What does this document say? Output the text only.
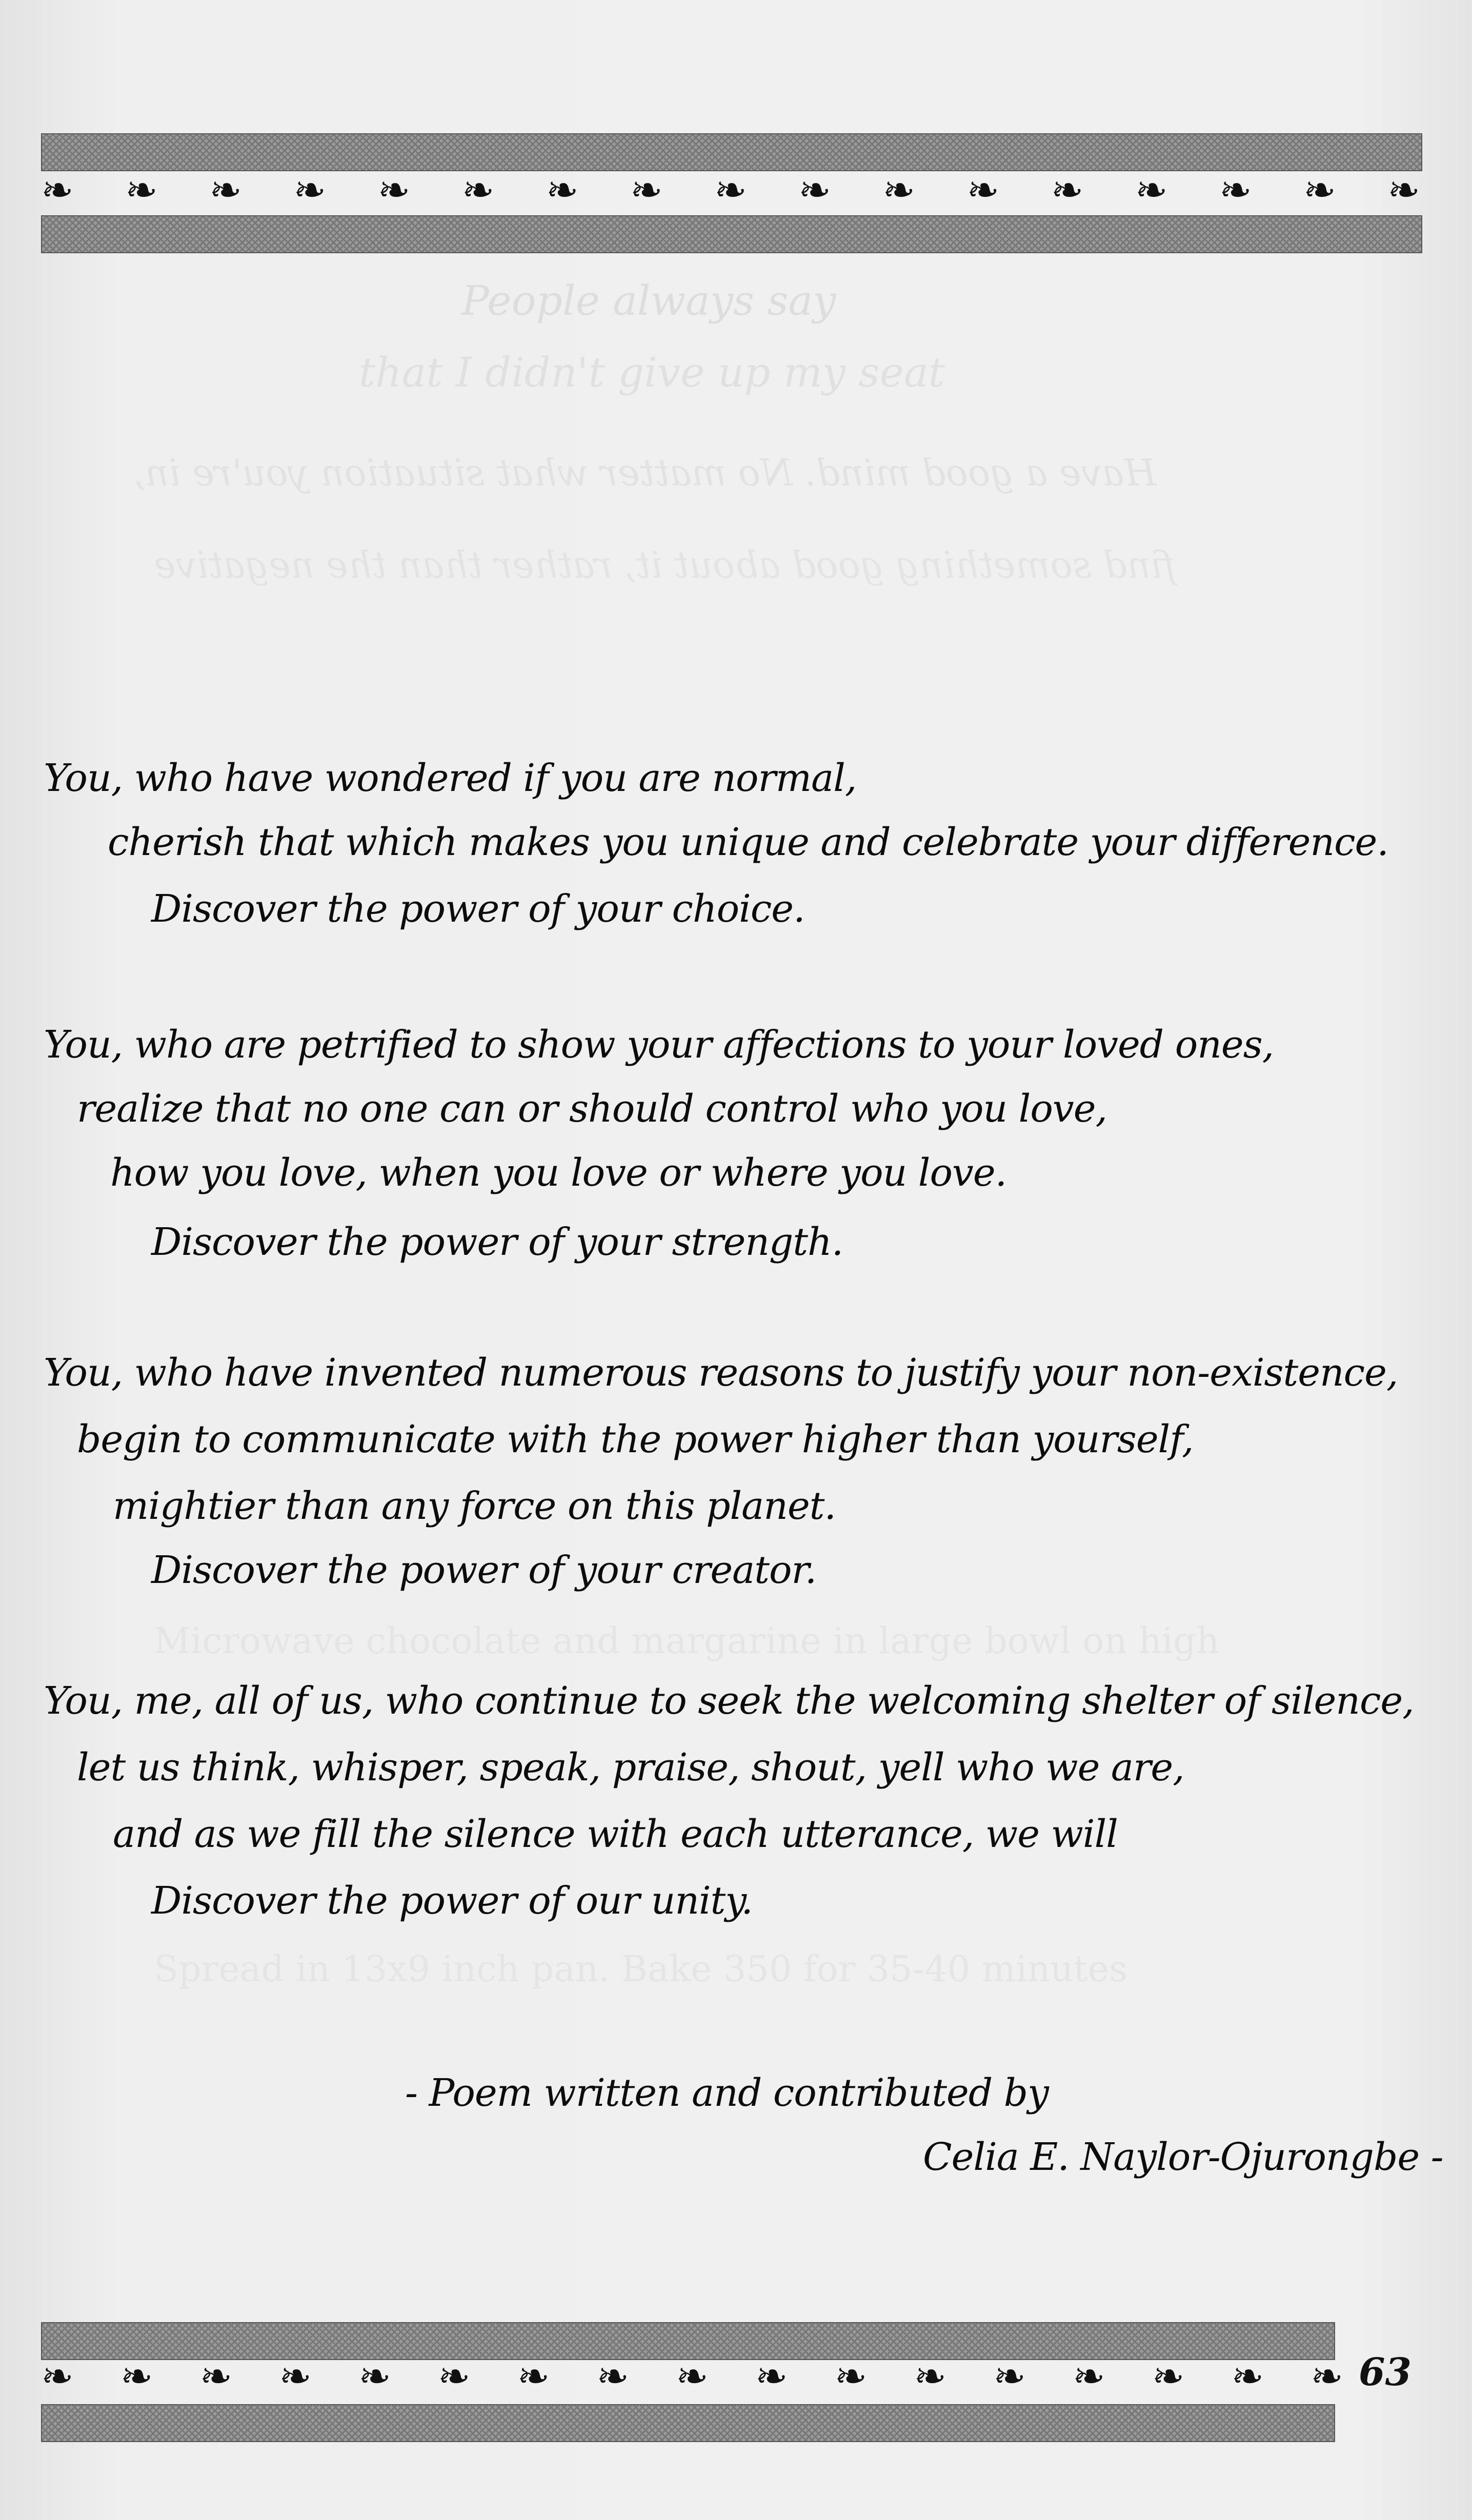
People always say
that I didn't give up my seat
Have a good mind. No matter what situation you're in,
find something good about it, rather than the negative
Microwave chocolate and margarine in large bowl on high
Spread in 13x9 inch pan. Bake 350 for 35-40 minutes
❧ ❧ ❧ ❧ ❧ ❧ ❧ ❧ ❧ ❧ ❧ ❧ ❧ ❧ ❧ ❧ ❧
You, who have wondered if you are normal,
cherish that which makes you unique and celebrate your difference.
Discover the power of your choice.
You, who are petrified to show your affections to your loved ones,
realize that no one can or should control who you love,
how you love, when you love or where you love.
Discover the power of your strength.
You, who have invented numerous reasons to justify your non-existence,
begin to communicate with the power higher than yourself,
mightier than any force on this planet.
Discover the power of your creator.
You, me, all of us, who continue to seek the welcoming shelter of silence,
let us think, whisper, speak, praise, shout, yell who we are,
and as we fill the silence with each utterance, we will
Discover the power of our unity.
- Poem written and contributed by
Celia E. Naylor-Ojurongbe -
❧ ❧ ❧ ❧ ❧ ❧ ❧ ❧ ❧ ❧ ❧ ❧ ❧ ❧ ❧ ❧ ❧ 63
